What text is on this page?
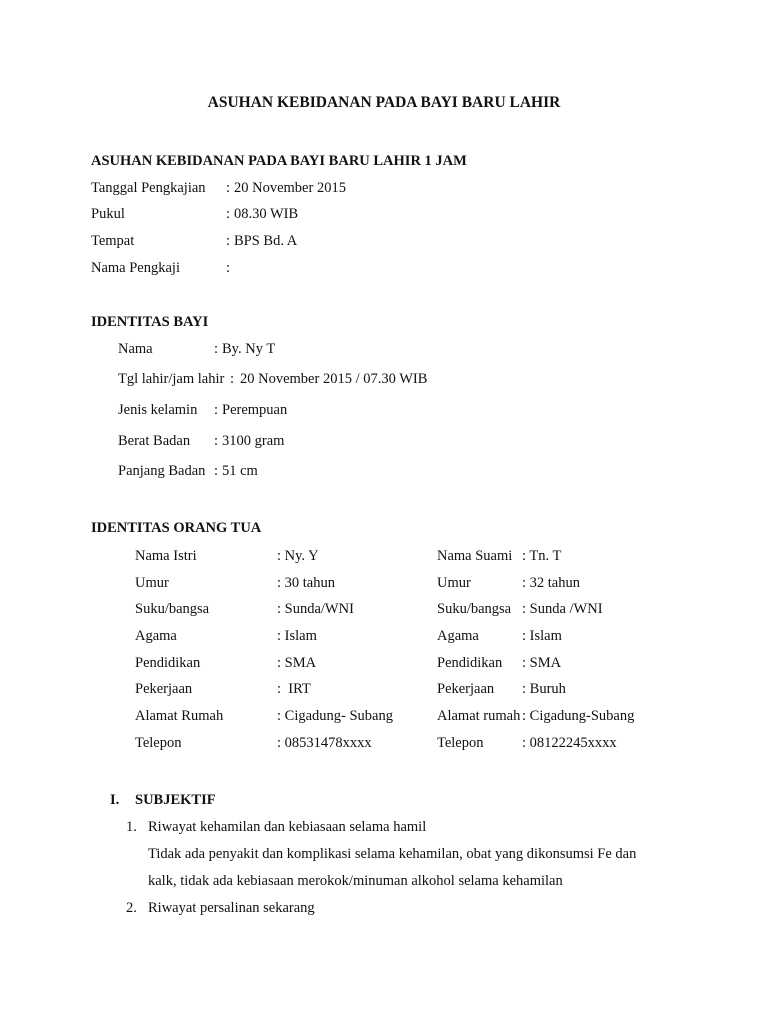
ASUHAN KEBIDANAN PADA BAYI BARU LAHIR
ASUHAN KEBIDANAN PADA BAYI BARU LAHIR 1 JAM
Tanggal Pengkajian : 20 November 2015
Pukul	: 08.30 WIB
Tempat	: BPS Bd. A
Nama Pengkaji	:
IDENTITAS BAYI
Nama	: By. Ny T
Tgl lahir/jam lahir : 20 November 2015 / 07.30 WIB
Jenis kelamin : Perempuan
Berat Badan : 3100 gram
Panjang Badan : 51 cm
IDENTITAS ORANG TUA
Nama Istri	: Ny. Y	Nama Suami : Tn. T
Umur	: 30 tahun	Umur	: 32 tahun
Suku/bangsa	: Sunda/WNI	Suku/bangsa : Sunda /WNI
Agama	: Islam	Agama	: Islam
Pendidikan	: SMA	Pendidikan : SMA
Pekerjaan	:  IRT	Pekerjaan : Buruh
Alamat Rumah	: Cigadung- Subang	Alamat rumah : Cigadung-Subang
Telepon	: 08531478xxxx	Telepon	: 08122245xxxx
I. SUBJEKTIF
1. Riwayat kehamilan dan kebiasaan selama hamil
Tidak ada penyakit dan komplikasi selama kehamilan, obat yang dikonsumsi Fe dan
kalk, tidak ada kebiasaan merokok/minuman alkohol selama kehamilan
2. Riwayat persalinan sekarang
